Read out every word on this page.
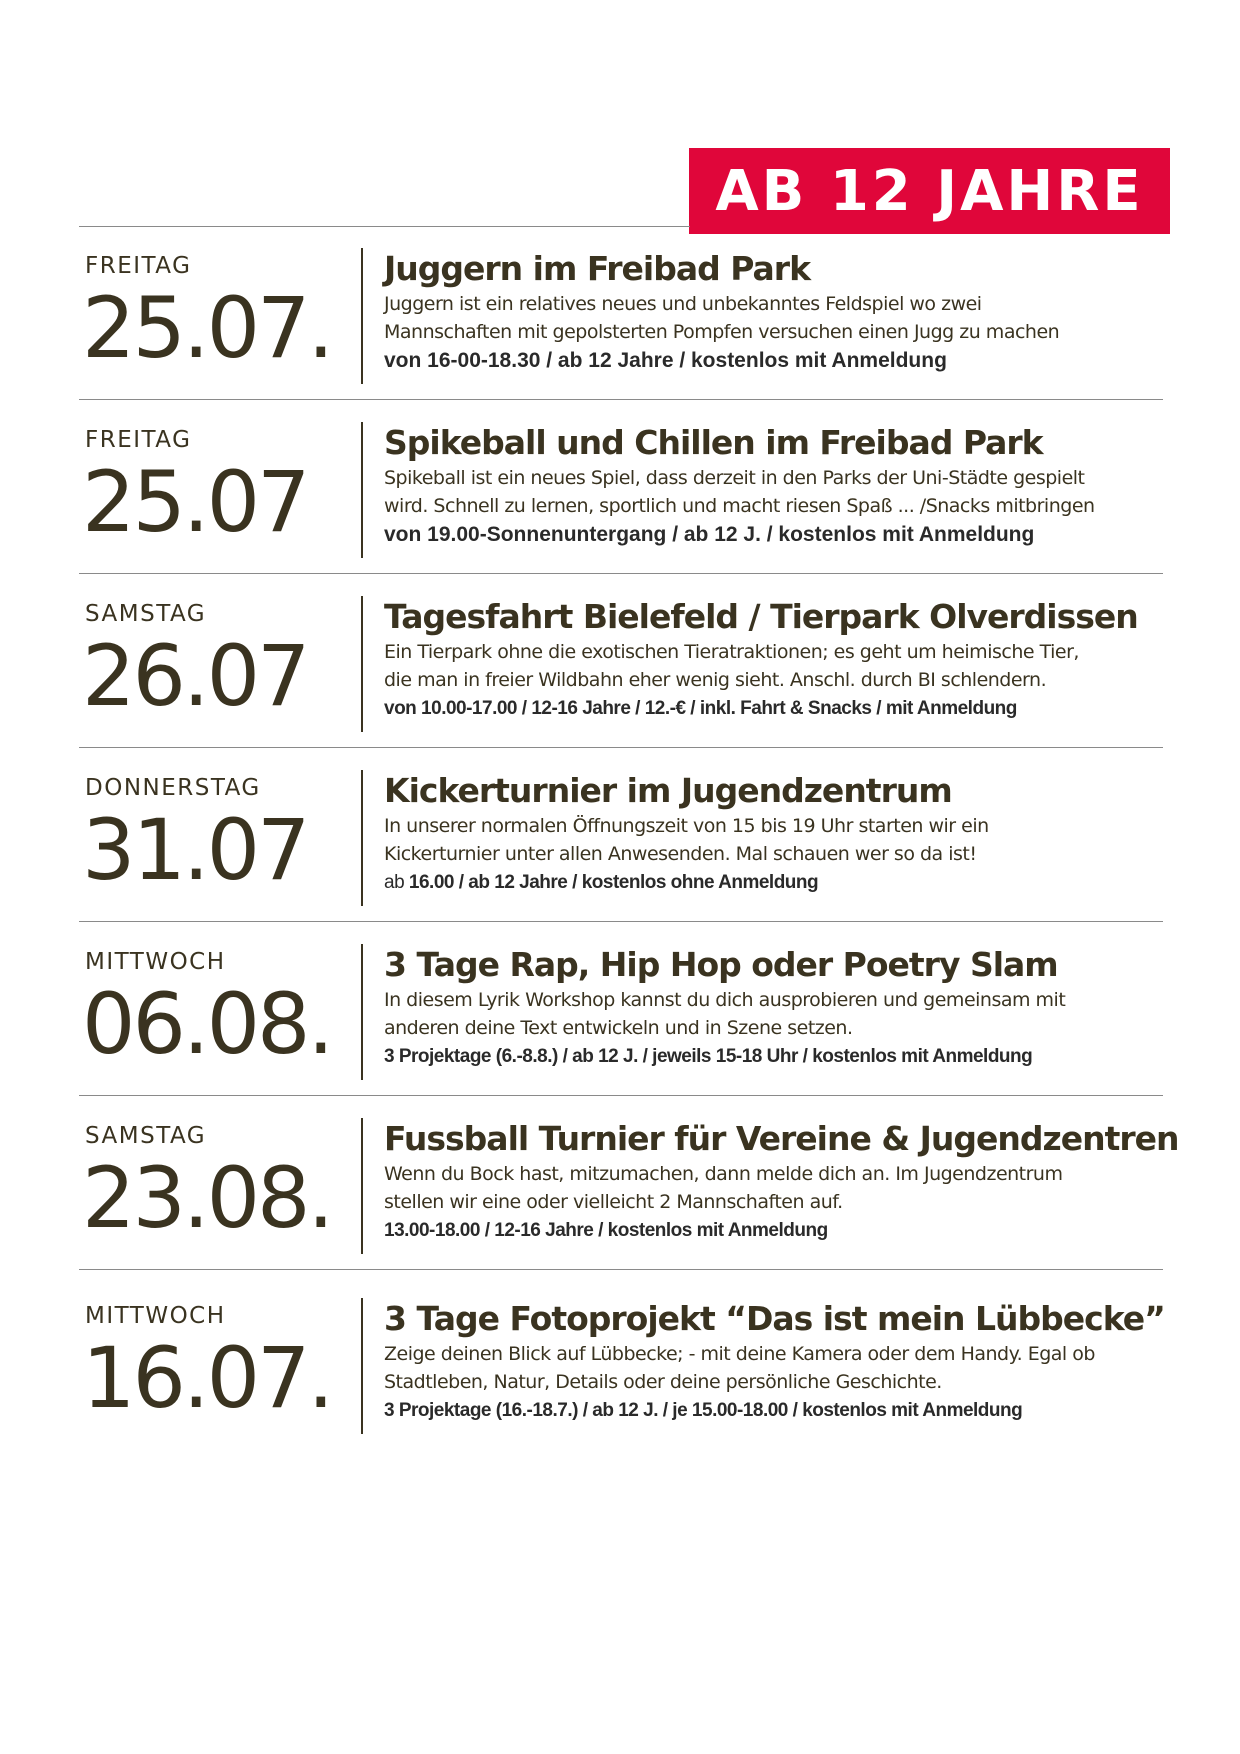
AB 12 JAHRE
FREITAG
25.07.
Juggern im Freibad Park
Juggern ist ein relatives neues und unbekanntes Feldspiel wo zwei
Mannschaften mit gepolsterten Pompfen versuchen einen Jugg zu machen
von 16-00-18.30 / ab 12 Jahre / kostenlos mit Anmeldung
FREITAG
25.07
Spikeball und Chillen im Freibad Park
Spikeball ist ein neues Spiel, dass derzeit in den Parks der Uni-Städte gespielt
wird. Schnell zu lernen, sportlich und macht riesen Spaß ... /Snacks mitbringen
von 19.00-Sonnenuntergang / ab 12 J. / kostenlos mit Anmeldung
SAMSTAG
26.07
Tagesfahrt Bielefeld / Tierpark Olverdissen
Ein Tierpark ohne die exotischen Tieratraktionen; es geht um heimische Tier,
die man in freier Wildbahn eher wenig sieht. Anschl. durch BI schlendern.
von 10.00-17.00 / 12-16 Jahre / 12.-€ / inkl. Fahrt & Snacks / mit Anmeldung
DONNERSTAG
31.07
Kickerturnier im Jugendzentrum
In unserer normalen Öffnungszeit von 15 bis 19 Uhr starten wir ein
Kickerturnier unter allen Anwesenden. Mal schauen wer so da ist!
ab 16.00 / ab 12 Jahre / kostenlos ohne Anmeldung
MITTWOCH
06.08.
3 Tage Rap, Hip Hop oder Poetry Slam
In diesem Lyrik Workshop kannst du dich ausprobieren und gemeinsam mit
anderen deine Text entwickeln und in Szene setzen.
3 Projektage (6.-8.8.) / ab 12 J. / jeweils 15-18 Uhr / kostenlos mit Anmeldung
SAMSTAG
23.08.
Fussball Turnier für Vereine & Jugendzentren
Wenn du Bock hast, mitzumachen, dann melde dich an. Im Jugendzentrum
stellen wir eine oder vielleicht 2 Mannschaften auf.
13.00-18.00 / 12-16 Jahre / kostenlos mit Anmeldung
MITTWOCH
16.07.
3 Tage Fotoprojekt “Das ist mein Lübbecke”
Zeige deinen Blick auf Lübbecke; - mit deine Kamera oder dem Handy. Egal ob
Stadtleben, Natur, Details oder deine persönliche Geschichte.
3 Projektage (16.-18.7.) / ab 12 J. / je 15.00-18.00 / kostenlos mit Anmeldung
